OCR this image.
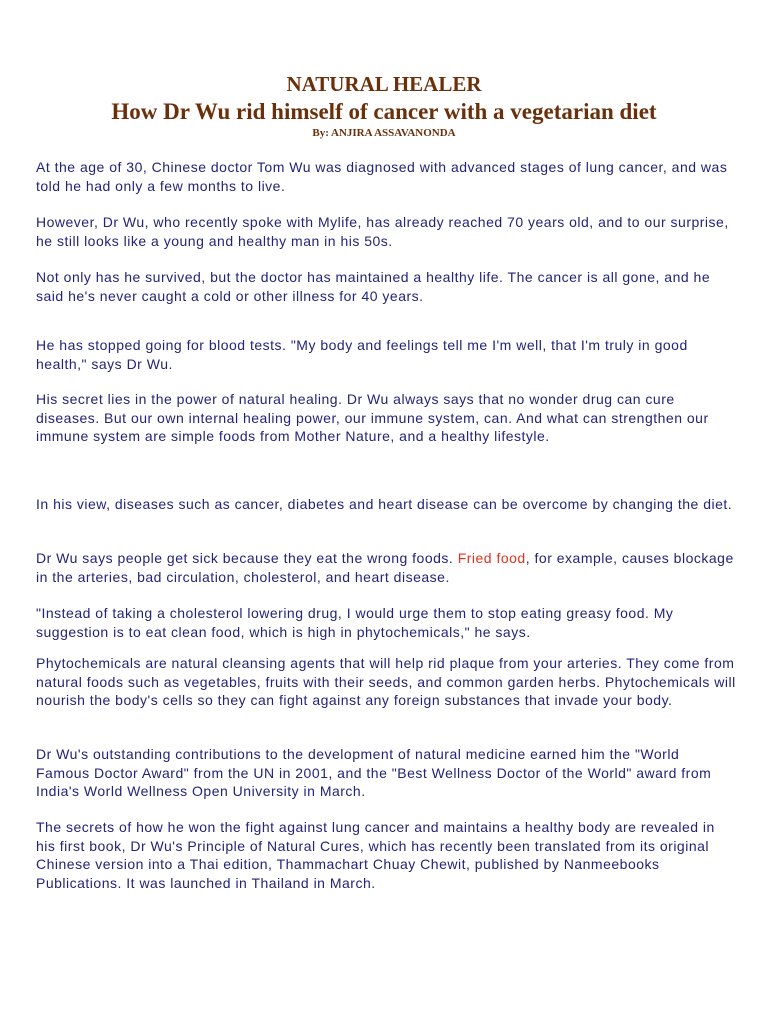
NATURAL HEALER
How Dr Wu rid himself of cancer with a vegetarian diet
By: ANJIRA ASSAVANONDA

At the age of 30, Chinese doctor Tom Wu was diagnosed with advanced stages of lung cancer, and was told he had only a few months to live.

However, Dr Wu, who recently spoke with Mylife, has already reached 70 years old, and to our surprise, he still looks like a young and healthy man in his 50s.

Not only has he survived, but the doctor has maintained a healthy life. The cancer is all gone, and he said he's never caught a cold or other illness for 40 years.

He has stopped going for blood tests. "My body and feelings tell me I'm well, that I'm truly in good health," says Dr Wu.

His secret lies in the power of natural healing. Dr Wu always says that no wonder drug can cure diseases. But our own internal healing power, our immune system, can. And what can strengthen our immune system are simple foods from Mother Nature, and a healthy lifestyle.

In his view, diseases such as cancer, diabetes and heart disease can be overcome by changing the diet.

Dr Wu says people get sick because they eat the wrong foods. Fried food, for example, causes blockage in the arteries, bad circulation, cholesterol, and heart disease.

"Instead of taking a cholesterol lowering drug, I would urge them to stop eating greasy food. My suggestion is to eat clean food, which is high in phytochemicals," he says.

Phytochemicals are natural cleansing agents that will help rid plaque from your arteries. They come from natural foods such as vegetables, fruits with their seeds, and common garden herbs. Phytochemicals will nourish the body's cells so they can fight against any foreign substances that invade your body.

Dr Wu's outstanding contributions to the development of natural medicine earned him the "World Famous Doctor Award" from the UN in 2001, and the "Best Wellness Doctor of the World" award from India's World Wellness Open University in March.

The secrets of how he won the fight against lung cancer and maintains a healthy body are revealed in his first book, Dr Wu's Principle of Natural Cures, which has recently been translated from its original Chinese version into a Thai edition, Thammachart Chuay Chewit, published by Nanmeebooks Publications. It was launched in Thailand in March.
